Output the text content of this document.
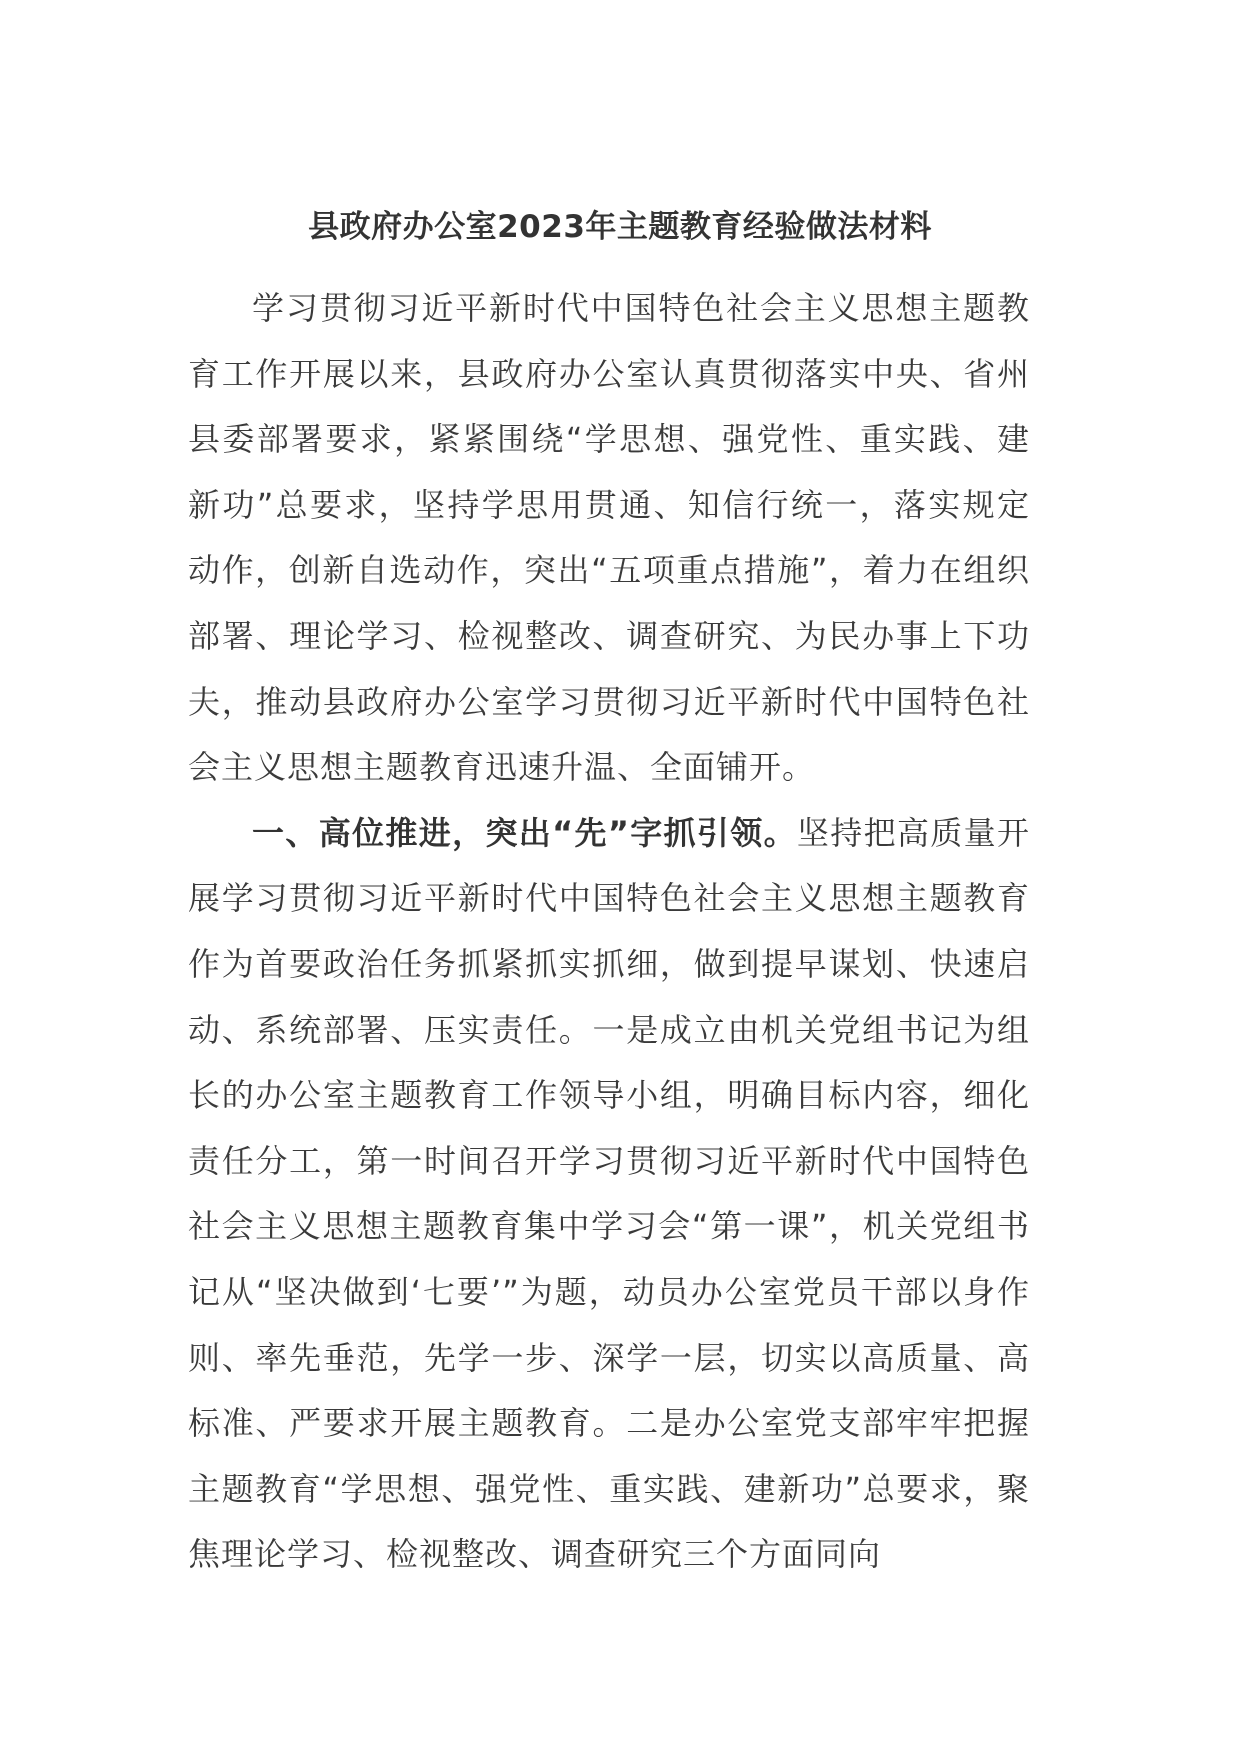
县政府办公室2023年主题教育经验做法材料

学习贯彻习近平新时代中国特色社会主义思想主题教育工作开展以来，县政府办公室认真贯彻落实中央、省州县委部署要求，紧紧围绕“学思想、强党性、重实践、建新功”总要求，坚持学思用贯通、知信行统一，落实规定动作，创新自选动作，突出“五项重点措施”，着力在组织部署、理论学习、检视整改、调查研究、为民办事上下功夫，推动县政府办公室学习贯彻习近平新时代中国特色社会主义思想主题教育迅速升温、全面铺开。

一、高位推进，突出“先”字抓引领。坚持把高质量开展学习贯彻习近平新时代中国特色社会主义思想主题教育作为首要政治任务抓紧抓实抓细，做到提早谋划、快速启动、系统部署、压实责任。一是成立由机关党组书记为组长的办公室主题教育工作领导小组，明确目标内容，细化责任分工，第一时间召开学习贯彻习近平新时代中国特色社会主义思想主题教育集中学习会“第一课”，机关党组书记从“坚决做到‘七要’”为题，动员办公室党员干部以身作则、率先垂范，先学一步、深学一层，切实以高质量、高标准、严要求开展主题教育。二是办公室党支部牢牢把握主题教育“学思想、强党性、重实践、建新功”总要求，聚焦理论学习、检视整改、调查研究三个方面同向
